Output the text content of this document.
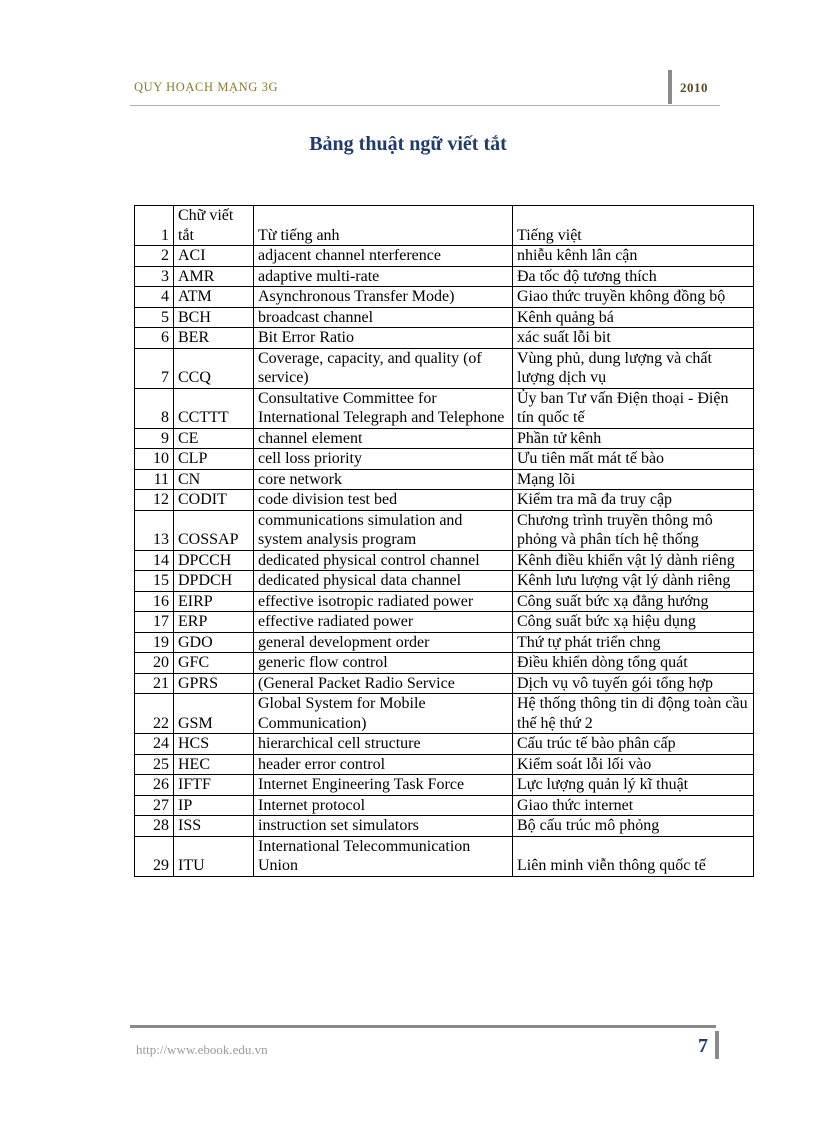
QUY HOẠCH MẠNG 3G	2010
Bảng thuật ngữ viết tắt
1	Chữ viết tắt	Từ tiếng anh	Tiếng việt
2	ACI	adjacent channel nterference	nhiễu kênh lân cận
3	AMR	adaptive multi-rate	Đa tốc độ tương thích
4	ATM	Asynchronous Transfer Mode)	Giao thức truyền không đồng bộ
5	BCH	broadcast channel	Kênh quảng bá
6	BER	Bit Error Ratio	xác suất lỗi bit
7	CCQ	Coverage, capacity, and quality (of service)	Vùng phủ, dung lượng và chất lượng dịch vụ
8	CCTTT	Consultative Committee for International Telegraph and Telephone	Ủy ban Tư vấn Điện thoại - Điện tín quốc tế
9	CE	channel element	Phần tử kênh
10	CLP	cell loss priority	Ưu tiên mất mát tế bào
11	CN	core network	Mạng lõi
12	CODIT	code division test bed	Kiểm tra mã đa truy cập
13	COSSAP	communications simulation and system analysis program	Chương trình truyền thông mô phỏng và phân tích hệ thống
14	DPCCH	dedicated physical control channel	Kênh điều khiển vật lý dành riêng
15	DPDCH	dedicated physical data channel	Kênh lưu lượng vật lý dành riêng
16	EIRP	effective isotropic radiated power	Công suất bức xạ đẳng hướng
17	ERP	effective radiated power	Công suất bức xạ hiệu dụng
19	GDO	general development order	Thứ tự phát triển chng
20	GFC	generic flow control	Điều khiển dòng tổng quát
21	GPRS	(General Packet Radio Service	Dịch vụ vô tuyến gói tổng hợp
22	GSM	Global System for Mobile Communication)	Hệ thống thông tin di động toàn cầu thế hệ thứ 2
24	HCS	hierarchical cell structure	Cấu trúc tế bào phân cấp
25	HEC	header error control	Kiểm soát lỗi lối vào
26	IFTF	Internet Engineering Task Force	Lực lượng quản lý kĩ thuật
27	IP	Internet protocol	Giao thức internet
28	ISS	instruction set simulators	Bộ cấu trúc mô phỏng
29	ITU	International Telecommunication Union	Liên minh viễn thông quốc tế
http://www.ebook.edu.vn	7
